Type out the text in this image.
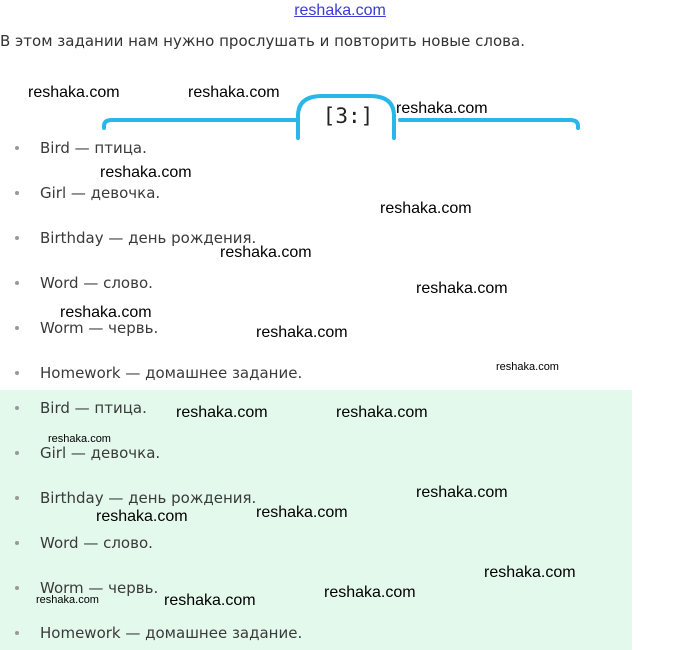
reshaka.com

В этом задании нам нужно прослушать и повторить новые слова.

[3:]
Bird — птица.
Girl — девочка.
Birthday — день рождения.
Word — слово.
Worm — червь.
Homework — домашнее задание.
Bird — птица.
Girl — девочка.
Birthday — день рождения.
Word — слово.
Worm — червь.
Homework — домашнее задание.
reshaka.com	reshaka.com
reshaka.com
reshaka.com
reshaka.com
reshaka.com
reshaka.com
reshaka.com
reshaka.com
reshaka.com
reshaka.com	reshaka.com
reshaka.com
reshaka.com
reshaka.com
reshaka.com
reshaka.com
reshaka.com
reshaka.com
reshaka.com
